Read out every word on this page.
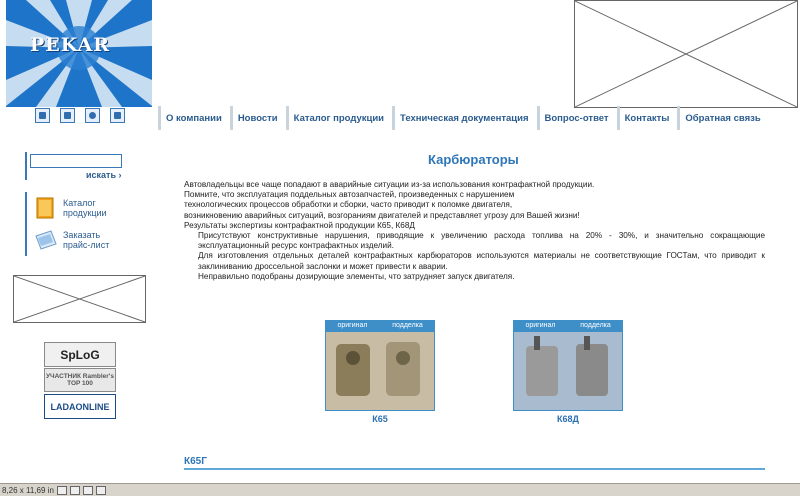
PEKAR
О компании	Новости	Каталог продукции	Техническая документация	Вопрос-ответ	Контакты	Обратная связь
искать ›
Каталог продукции
Заказать прайс-лист
SpLoG
УЧАСТНИК Rambler's TOP 100
LADAONLINE
Карбюраторы
Автовладельцы все чаще попадают в аварийные ситуации из-за использования контрафактной продукции.
Помните, что эксплуатация поддельных автозапчастей, произведенных с нарушением
технологических процессов обработки и сборки, часто приводит к поломке двигателя,
возникновению аварийных ситуаций, возгораниям двигателей и представляет угрозу для Вашей жизни!
Результаты экспертизы контрафактной продукции К65, К68Д
Присутствуют конструктивные нарушения, приводящие к увеличению расхода топлива на 20% - 30%, и значительно сокращающие эксплуатационный ресурс контрафактных изделий.
Для изготовления отдельных деталей контрафактных карбюраторов используются материалы не соответствующие ГОСТам, что приводит к заклиниванию дроссельной заслонки и может привести к аварии.
Неправильно подобраны дозирующие элементы, что затрудняет запуск двигателя.
оригинал	подделка
К65
оригинал	подделка
К68Д
К65Г
8,26 x 11,69 in
